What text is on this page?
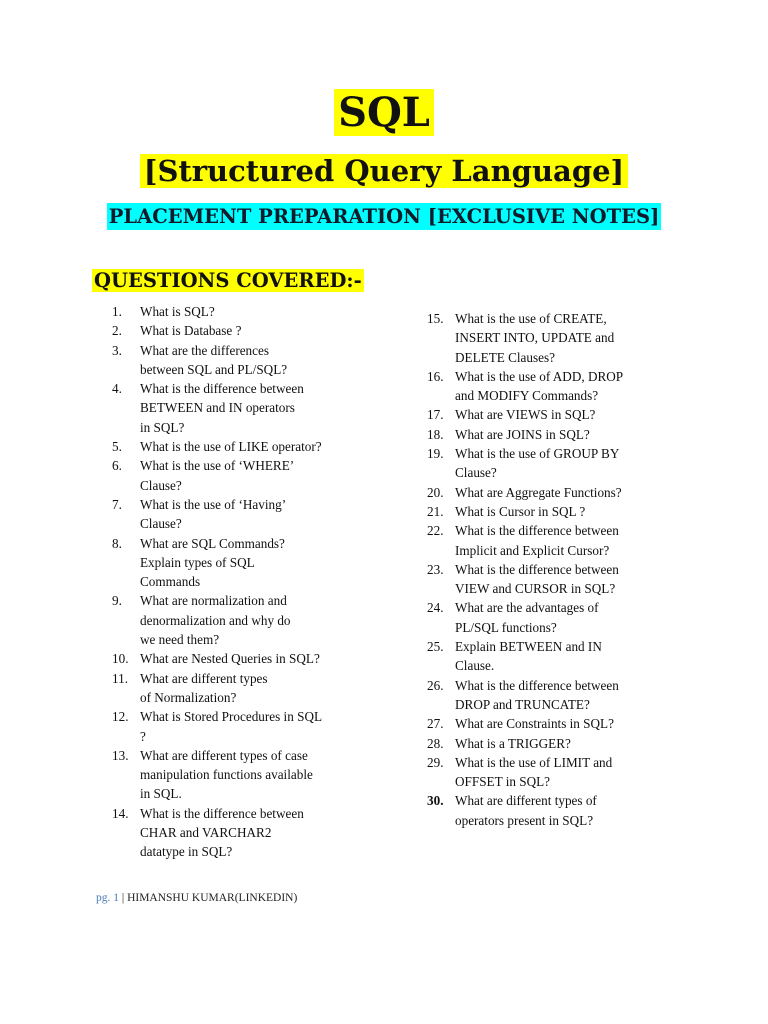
SQL
[Structured Query Language]
PLACEMENT PREPARATION [EXCLUSIVE NOTES]
QUESTIONS COVERED:-
1.	What is SQL?
2.	What is Database ?
3.	What are the differences
between SQL and PL/SQL?
4.	What is the difference between
BETWEEN and IN operators
in SQL?
5.	What is the use of LIKE operator?
6.	What is the use of ‘WHERE’
Clause?
7.	What is the use of ‘Having’
Clause?
8.	What are SQL Commands?
Explain types of SQL
Commands
9.	What are normalization and
denormalization and why do
we need them?
10. What are Nested Queries in SQL?
11. What are different types
of Normalization?
12. What is Stored Procedures in SQL
?
13. What are different types of case
manipulation functions available
in SQL.
14. What is the difference between
CHAR and VARCHAR2
datatype in SQL?
15. What is the use of CREATE,
INSERT INTO, UPDATE and
DELETE Clauses?
16. What is the use of ADD, DROP
and MODIFY Commands?
17. What are VIEWS in SQL?
18. What are JOINS in SQL?
19. What is the use of GROUP BY
Clause?
20. What are Aggregate Functions?
21. What is Cursor in SQL ?
22. What is the difference between
Implicit and Explicit Cursor?
23. What is the difference between
VIEW and CURSOR in SQL?
24. What are the advantages of
PL/SQL functions?
25. Explain BETWEEN and IN
Clause.
26. What is the difference between
DROP and TRUNCATE?
27. What are Constraints in SQL?
28. What is a TRIGGER?
29. What is the use of LIMIT and
OFFSET in SQL?
30. What are different types of
operators present in SQL?
pg. 1 | HIMANSHU KUMAR(LINKEDIN)
